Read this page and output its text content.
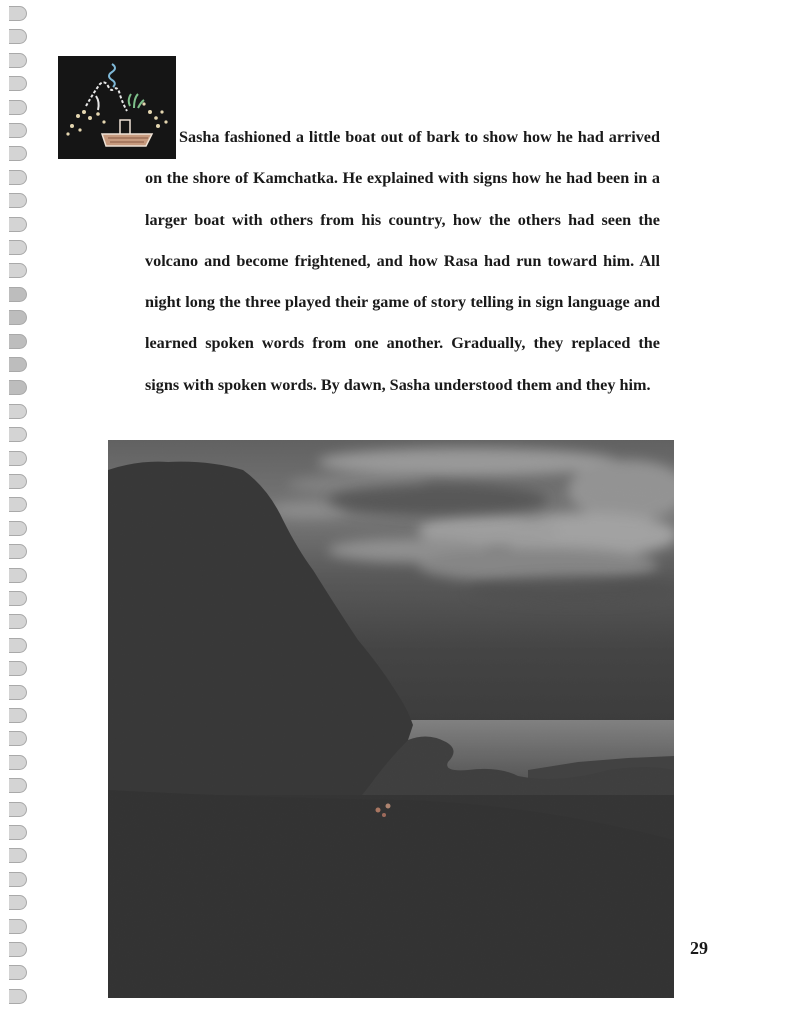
Sasha fashioned a little boat out of bark to show how he had arrived on the shore of Kamchatka. He explained with signs how he had been in a larger boat with others from his country, how the others had seen the volcano and become frightened, and how Rasa had run toward him. All night long the three played their game of story telling in sign language and learned spoken words from one another. Gradually, they replaced the signs with spoken words. By dawn, Sasha understood them and they him.

29
